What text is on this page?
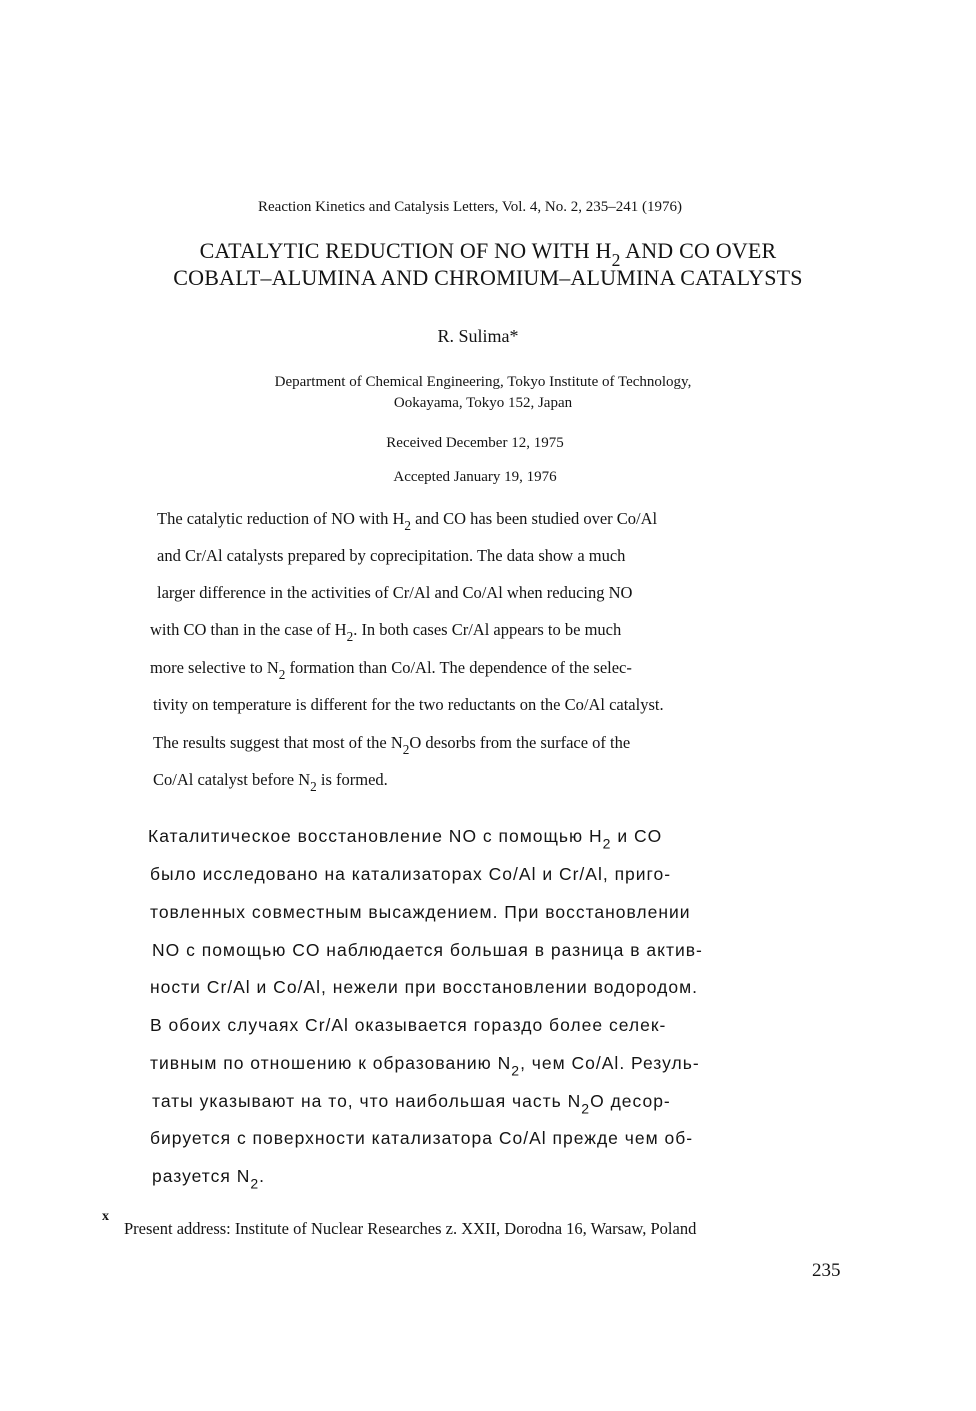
Reaction Kinetics and Catalysis Letters, Vol. 4, No. 2, 235–241 (1976)
CATALYTIC REDUCTION OF NO WITH $H_2$ AND CO OVER
COBALT–ALUMINA AND CHROMIUM–ALUMINA CATALYSTS
R. Sulima*
Department of Chemical Engineering, Tokyo Institute of Technology,
Ookayama, Tokyo 152, Japan
Received December 12, 1975
Accepted January 19, 1976
The catalytic reduction of NO with $H_2$ and CO has been studied over Co/Al
and Cr/Al catalysts prepared by coprecipitation. The data show a much
larger difference in the activities of Cr/Al and Co/Al when reducing NO
with CO than in the case of $H_2$. In both cases Cr/Al appears to be much
more selective to $N_2$ formation than Co/Al. The dependence of the selec-
tivity on temperature is different for the two reductants on the Co/Al catalyst.
The results suggest that most of the $N_2O$ desorbs from the surface of the
Co/Al catalyst before $N_2$ is formed.
Каталитическое восстановление NO с помощью $H_2$ и CO
было исследовано на катализаторах Co/Al и Cr/Al, приго-
товленных совместным высаждением. При восстановлении
NO с помощью CO наблюдается большая в разница в актив-
ности Cr/Al и Co/Al, нежели при восстановлении водородом.
В обоих случаях Cr/Al оказывается гораздо более селек-
тивным по отношению к образованию $N_2$, чем Co/Al. Резуль-
таты указывают на то, что наибольшая часть $N_2O$ десор-
бируется с поверхности катализатора Co/Al прежде чем об-
разуется $N_2$.
x
Present address: Institute of Nuclear Researches z. XXII, Dorodna 16, Warsaw, Poland
235
